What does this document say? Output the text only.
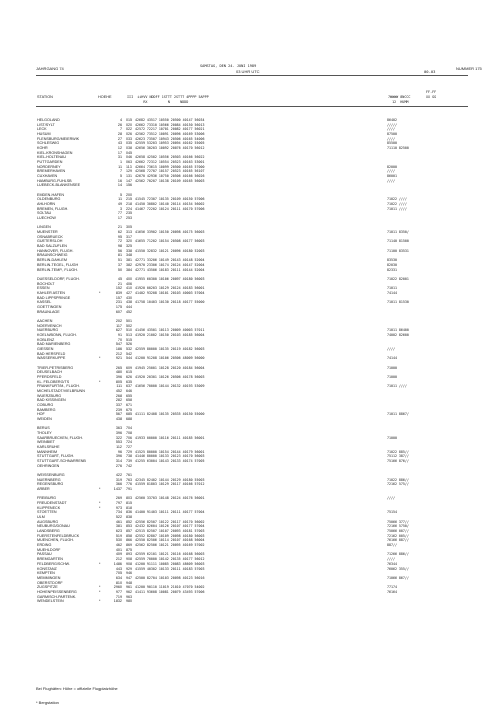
JAHRGANG 74	SAMSTAG, DEN 24. JUNI 1989	NUMMER 175
03 UHR UTC	00-03
STATION	HOEHE	III  iiHVV NDDFF 1STTT 2STTT 4PPPP 5APPP
RX          N     NDDD
7WWWW 8NCCC
12  HUMM
FF-FF
XX GG
HELGOLAND	4 015 42682 43517 10550 20500 40147 56034	86402
LIST/SYLT	26 020 42662 73310 10566 20084 40150 56013	/////
LECK	7 022 42572 72217 10701 20082 40177 56021	////
HUSUM	28 026 42562 73512 10091 20096 40169 53006	87500
FLENSBURG/MEIERWIK	27 033 42623 73507 10943 20506 40165 54006	////
SCHLESWIG	43 035 42559 53203 10953 20094 40162 55005	85500
KOHR	12 038 42656 30203 10092 20076 40170 56012	71110 82500
KIEL-KRONSHAGEN	17 045
KIEL-HOLTENAU	31 046 42658 42502 10556 20503 40166 56022
PUTTGARDEN	1 063 42662 72312 10554 20523 40163 53001
NORDERNEY	11 113 42664 73615 10099 20500 40165 57000	82000
BREMERHAVEN	7 129 42568 72707 10157 20523 40165 56107	////
CUXHAVEN	5 131 42670 42936 10750 20506 40166 56026	86001
HAMBURG-FUHLSB	16 147 42562 70207 10138 20109 40165 56003	////
LUEBECK-BLANKENSEE	14 156
EMDEN-HAFEN	5 200
OLDENBURG	11 215 41545 72307 10135 20109 40150 57006	71022 ////
AHLHORN	49 218 41450 30802 10140 20114 40154 56002	71022 ////
BREMEN, FLUGH.	3 224 41467 72202 10124 20111 40170 57006	71011 ////
SOLTAU	77 235
LUECHOW	17 253
LINGEN	21 305
MUENSTER	62 313 41656 33902 10150 20098 40175 56003	71011 8350/
OSNABRUECK	95 317
GUETERSLOH	72 320 41655 71202 10154 20508 40177 56003	71140 81500
BAD SALZUFLEN	98 325
HANNOVER, FLUGH.	56 338 41550 32832 10121 20096 40180 52003	71100 83531
BRAUNSCHWEIG	81 348
BERLIN-DAHLEM	51 381 42771 33206 10149 20143 40148 52004	83530
BERLIN-TEGEL, FLUGH	37 382 42970 23306 10174 20124 40147 52004	82030
BERLIN-TEMP., FLUGH.	50 384 42771 43506 10183 20111 40144 52004	82331
DUESSELDORF, FLUGH.	45 400 41955 60300 10106 20097 40180 56003	71022 82001
BOCHOLT	21 406
ESSEN	152 410 41920 00203 10129 20124 40183 56001	71011
KAHLER ASTEN	*	839 427 41402 93208 10101 20103 40003 57004	74144
BAD LIPPSPRINGE	157 430
KASSEL	231 438 41758 10403 10130 20118 40177 55000	71011 81530
GOETTINGEN	175 444
BRAUNLAGE	607 452
AACHEN	202 501
NOERVENICH	117 502
NUERBURG	627 510 41456 43501 10113 20009 40003 57011	71011 86400
KOELN/BONN, FLUGH.	91 513 41920 21002 10150 20103 40185 56004	74002 82600
KOBLENZ	70 515
BAD MARIENBERG	547 526
GIESSEN	186 532 42559 80000 10135 20119 40182 56003	////
BAD HERSFELD	212 542
WASSERKUPPE	*	921 544 41200 91208 10106 20506 48009 56000	74144
TRIER-PETRISBERG	265 609 41945 25001 10128 20120 40184 56004	71000
DEUSELBACH	480 615
PFERDSFELD	396 626 41920 20301 10126 20506 40178 56003	71000
KL. FELDBERG/TS	*	805 635
FRANKFURT/M., FLUGH.	111 637 41656 70000 10144 20132 40193 53009	71011 ////
MICHELSTADT/VIELBRUNN	452 646
WUERZBURG	268 655
BAD KISSINGEN	282 658
COBURG	337 671
BAMBERG	239 675
HOF	567 685 41111 82408 10135 20535 40150 55000	71011 8867/
WEIDEN	438 688
BERUS	363 704
THOLEY	396 708
SAARBRUECKEN, FLUGH.	322 706 41933 00000 10116 20111 40185 56001	71000
WEINBIET	553 724
KARLSRUHE	112 727
MANNHEIM	96 729 41525 80000 10154 20144 40179 56001	71022 885//
STUTTGART, FLUGH.	396 738 41446 80000 10133 20123 40170 56003	75112 387//
STUTTGART-SCHNARRENB	314 739 41255 63004 10143 20133 40174 57005	75166 876//
OEHRINGEN	276 742
WEISSENBURG	422 761
NUERNBERG	319 763 42345 82402 10144 20129 40180 55003	71022 886//
REGENSBURG	366 776 41559 81803 10129 20117 40166 57012	72162 575//
ARBER	*	1437 791
FREIBURG	269 803 42560 33703 10148 20124 40176 56001	////
FREUDENSTADT	*	797 815
KLIPPENECK	*	973 818
STOETTEN	734 836 41400 91403 10111 20111 40177 57004	75154
ULM	522 838
AUGSBURG	461 852 42556 82507 10122 20117 40170 56002	75066 377//
NEUBURG/DONAU	381 853 42432 82604 10126 20107 40177 57004	72166 5750/
LANDSBERG	623 857 42515 82507 10107 20093 40181 57003	75066 007//
FUERSTENFELDBRUCK	519 858 42552 82807 10109 20098 40180 56003	72162 005//
MUENCHEN, FLUGH.	530 866 42550 82506 10114 20107 40168 56004	76166 887//
ERDING	462 869 42562 82506 10121 20095 40169 57002	887//
MUEHLDORF	401 875
PASSAU	409 893 42559 62101 10121 20116 40168 56003	71266 886//
BREMGARTEN	212 908 42559 70000 10142 20135 40177 56012	////
FELDBERG/SCHW.	*	1486 908 41200 91111 10085 20083 48609 56003	76344
KONSTANZ	443 929 41559 40302 10133 20111 40183 57003	76062 355//
KEMPTEN	705 946
MEMMINGEN	634 947 42500 82704 10103 20098 40123 56016	71066 867//
OBERSTDORF	810 948
ZUGSPITZE	*	2960 961 41200 90110 11019 21010 47070 54002	77174
HOHENPEISSENBERG	*	977 962 41411 93608 10081 20079 43493 57006	76164
GARMISCH-PARTENK.	719 963
WENDELSTEIN	*	1832 980

Bei Flughäfen: Höhe = offizielle Flugplatzhöhe

* Bergstation
